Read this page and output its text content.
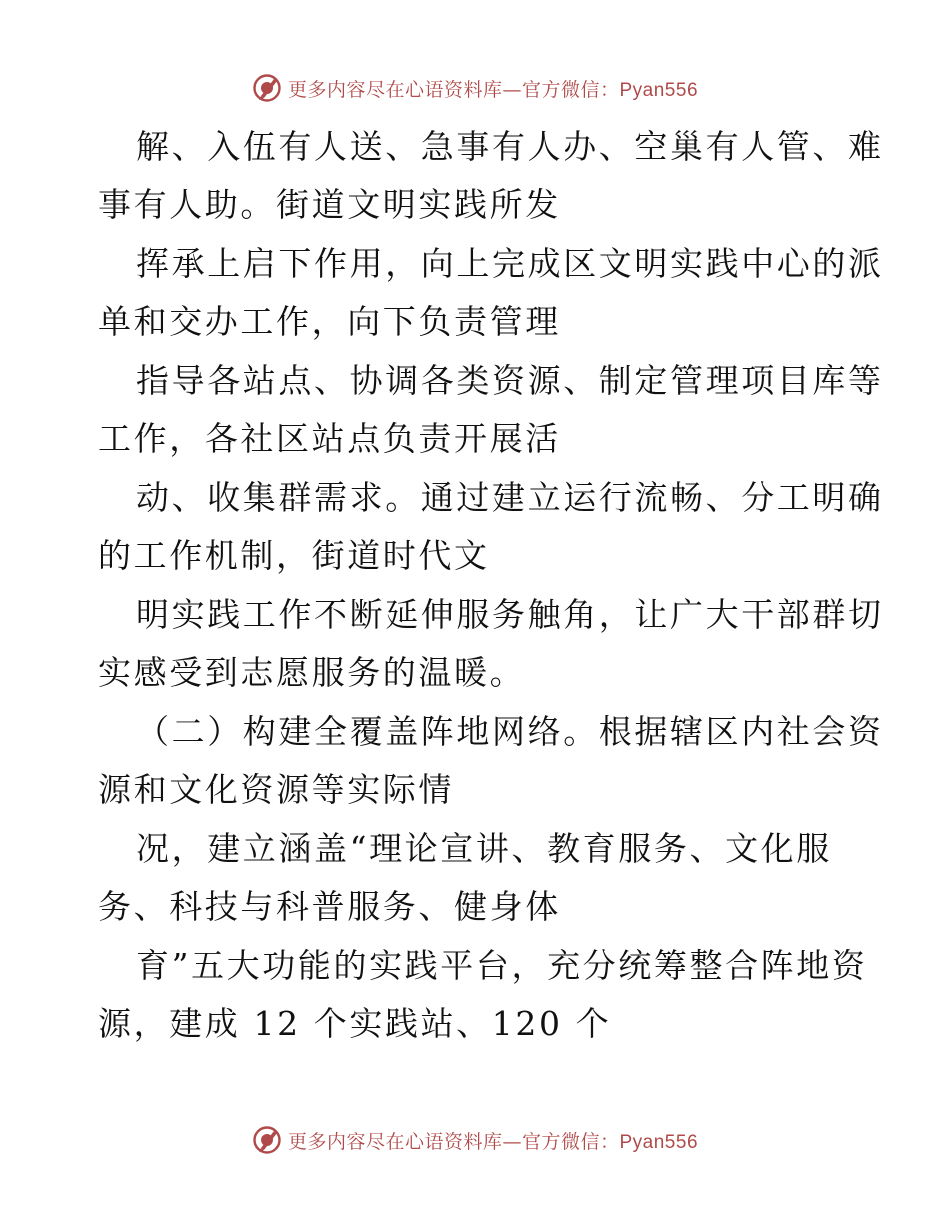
更多内容尽在心语资料库—官方微信：Pyan556
解、入伍有人送、急事有人办、空巢有人管、难
事有人助。街道文明实践所发
挥承上启下作用，向上完成区文明实践中心的派
单和交办工作，向下负责管理
指导各站点、协调各类资源、制定管理项目库等
工作，各社区站点负责开展活
动、收集群需求。通过建立运行流畅、分工明确
的工作机制，街道时代文
明实践工作不断延伸服务触角，让广大干部群切
实感受到志愿服务的温暖。
（二）构建全覆盖阵地网络。根据辖区内社会资
源和文化资源等实际情
况，建立涵盖“理论宣讲、教育服务、文化服
务、科技与科普服务、健身体
育”五大功能的实践平台，充分统筹整合阵地资
源，建成 12 个实践站、120 个
更多内容尽在心语资料库—官方微信：Pyan556
